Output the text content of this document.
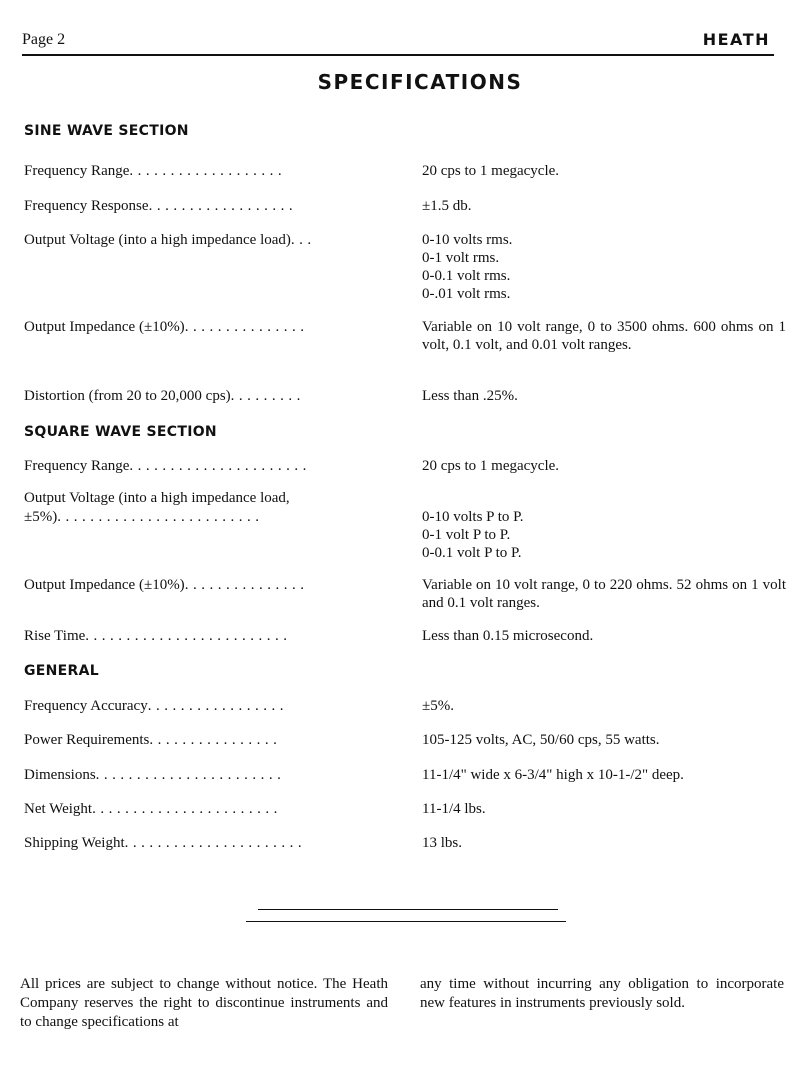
Page 2	HEATH
SPECIFICATIONS
SINE WAVE SECTION
Frequency Range...................	20 cps to 1 megacycle.
Frequency Response..................	±1.5 db.
Output Voltage (into a high impedance load)...	0-10 volts rms.
0-1 volt rms.
0-0.1 volt rms.
0-.01 volt rms.
Output Impedance (±10%)...............	Variable on 10 volt range, 0 to 3500 ohms. 600 ohms on 1 volt, 0.1 volt, and 0.01 volt ranges.
Distortion (from 20 to 20,000 cps).........	Less than .25%.
SQUARE WAVE SECTION
Frequency Range......................	20 cps to 1 megacycle.
Output Voltage (into a high impedance load,
±5%).........................	0-10 volts P to P.
0-1 volt P to P.
0-0.1 volt P to P.
Output Impedance (±10%)...............	Variable on 10 volt range, 0 to 220 ohms. 52 ohms on 1 volt and 0.1 volt ranges.
Rise Time.........................	Less than 0.15 microsecond.
GENERAL
Frequency Accuracy.................	±5%.
Power Requirements................	105-125 volts, AC, 50/60 cps, 55 watts.
Dimensions.......................	11-1/4" wide x 6-3/4" high x 10-1-/2" deep.
Net Weight.......................	11-1/4 lbs.
Shipping Weight......................	13 lbs.
All prices are subject to change without notice. The Heath Company reserves the right to discontinue instruments and to change specifications at
any time without incurring any obligation to incorporate new features in instruments previously sold.
